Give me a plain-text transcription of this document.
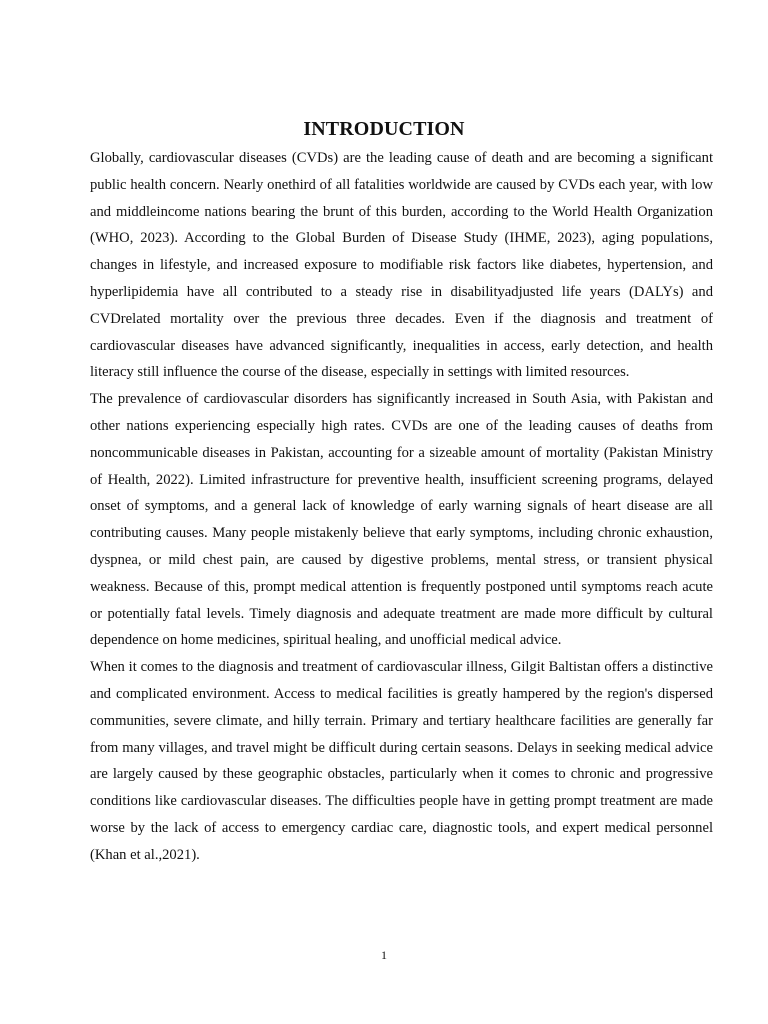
INTRODUCTION

Globally, cardiovascular diseases (CVDs) are the leading cause of death and are becoming a significant public health concern. Nearly onethird of all fatalities worldwide are caused by CVDs each year, with low and middleincome nations bearing the brunt of this burden, according to the World Health Organization (WHO, 2023). According to the Global Burden of Disease Study (IHME, 2023), aging populations, changes in lifestyle, and increased exposure to modifiable risk factors like diabetes, hypertension, and hyperlipidemia have all contributed to a steady rise in disabilityadjusted life years (DALYs) and CVDrelated mortality over the previous three decades. Even if the diagnosis and treatment of cardiovascular diseases have advanced significantly, inequalities in access, early detection, and health literacy still influence the course of the disease, especially in settings with limited resources.

The prevalence of cardiovascular disorders has significantly increased in South Asia, with Pakistan and other nations experiencing especially high rates. CVDs are one of the leading causes of deaths from noncommunicable diseases in Pakistan, accounting for a sizeable amount of mortality (Pakistan Ministry of Health, 2022). Limited infrastructure for preventive health, insufficient screening programs, delayed onset of symptoms, and a general lack of knowledge of early warning signals of heart disease are all contributing causes. Many people mistakenly believe that early symptoms, including chronic exhaustion, dyspnea, or mild chest pain, are caused by digestive problems, mental stress, or transient physical weakness. Because of this, prompt medical attention is frequently postponed until symptoms reach acute or potentially fatal levels. Timely diagnosis and adequate treatment are made more difficult by cultural dependence on home medicines, spiritual healing, and unofficial medical advice.

When it comes to the diagnosis and treatment of cardiovascular illness, Gilgit Baltistan offers a distinctive and complicated environment. Access to medical facilities is greatly hampered by the region's dispersed communities, severe climate, and hilly terrain. Primary and tertiary healthcare facilities are generally far from many villages, and travel might be difficult during certain seasons. Delays in seeking medical advice are largely caused by these geographic obstacles, particularly when it comes to chronic and progressive conditions like cardiovascular diseases. The difficulties people have in getting prompt treatment are made worse by the lack of access to emergency cardiac care, diagnostic tools, and expert medical personnel (Khan et al.,2021).

1
